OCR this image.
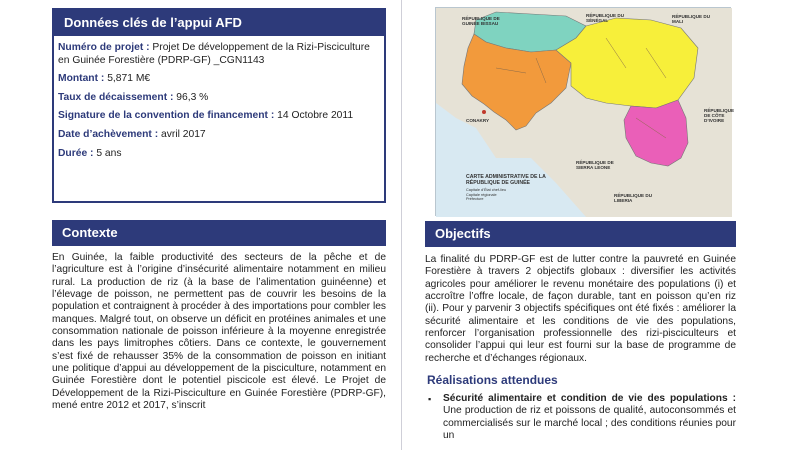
Données clés de l’appui AFD
Numéro de projet : Projet De développement de la Rizi-Pisciculture en Guinée Forestière (PDRP-GF) _CGN1143
Montant : 5,871 M€
Taux de décaissement : 96,3 %
Signature de la convention de financement : 14 Octobre 2011
Date d’achèvement : avril 2017
Durée : 5 ans
Contexte

En Guinée, la faible productivité des secteurs de la pêche et de l’agriculture est à l’origine d’insécurité alimentaire notamment en milieu rural. La production de riz (à la base de l’alimentation guinéenne) et l’élevage de poisson, ne permettent pas de couvrir les besoins de la population et contraignent à procéder à des importations pour combler les manques. Malgré tout, on observe un déficit en protéines animales et une consommation nationale de poisson inférieure à la moyenne enregistrée dans les pays limitrophes côtiers. Dans ce contexte, le gouvernement s’est fixé de rehausser 35% de la consommation de poisson en initiant une politique d’appui au développement de la pisciculture, notamment en Guinée Forestière dont le potentiel piscicole est élevé. Le Projet de Développement de la Rizi-Pisciculture en Guinée Forestière (PDRP-GF), mené entre 2012 et 2017, s’inscrit

RÉPUBLIQUE DE GUINÉE BISSAU
RÉPUBLIQUE DU SÉNÉGAL
RÉPUBLIQUE DU MALI
RÉPUBLIQUE DE CÔTE D’IVOIRE
RÉPUBLIQUE DE SIERRA LEONE
RÉPUBLIQUE DU LIBERIA
CONAKRY
CARTE ADMINISTRATIVE DE LA RÉPUBLIQUE DE GUINÉE
Capitale d’État chef-lieu
Capitale régionale
Préfecture
Objectifs

La finalité du PDRP-GF est de lutter contre la pauvreté en Guinée Forestière à travers 2 objectifs globaux : diversifier les activités agricoles pour améliorer le revenu monétaire des populations (i) et accroître l’offre locale, de façon durable, tant en poisson qu’en riz (ii). Pour y parvenir 3 objectifs spécifiques ont été fixés : améliorer la sécurité alimentaire et les conditions de vie des populations, renforcer l’organisation professionnelle des rizi-pisciculteurs et consolider l’appui qui leur est fourni sur la base de programme de recherche et d’échanges régionaux.

Réalisations attendues

▪ Sécurité alimentaire et condition de vie des populations : Une production de riz et poissons de qualité, autoconsommés et commercialisés sur le marché local ; des conditions réunies pour un
